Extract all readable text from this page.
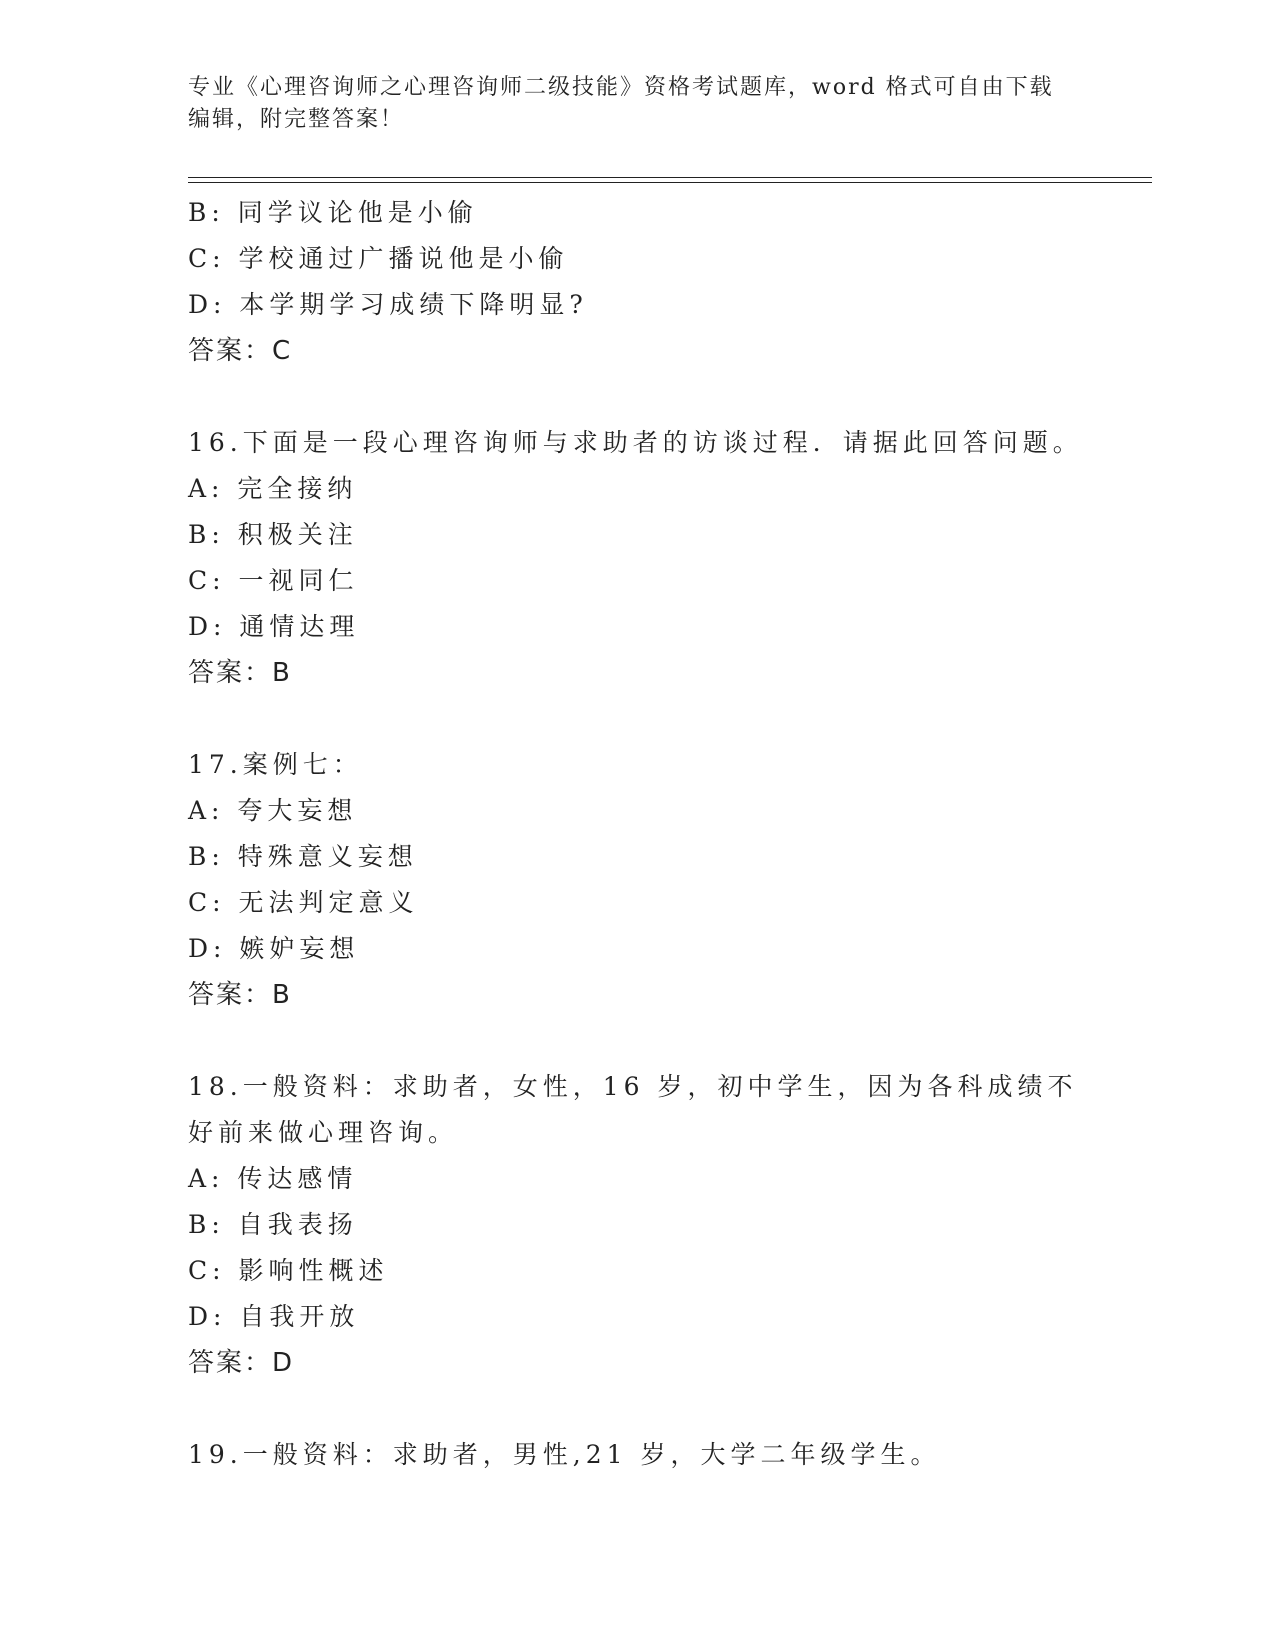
专业《心理咨询师之心理咨询师二级技能》资格考试题库，word 格式可自由下载
编辑，附完整答案！
B: 同学议论他是小偷
C: 学校通过广播说他是小偷
D: 本学期学习成绩下降明显?
答案：C
16.下面是一段心理咨询师与求助者的访谈过程．请据此回答问题。
A: 完全接纳
B: 积极关注
C: 一视同仁
D: 通情达理
答案：B
17.案例七：
A: 夸大妄想
B: 特殊意义妄想
C: 无法判定意义
D: 嫉妒妄想
答案：B
18.一般资料：求助者，女性，16 岁，初中学生，因为各科成绩不好前来做心理咨询。
A: 传达感情
B: 自我表扬
C: 影响性概述
D: 自我开放
答案：D
19.一般资料：求助者，男性,21 岁，大学二年级学生。
